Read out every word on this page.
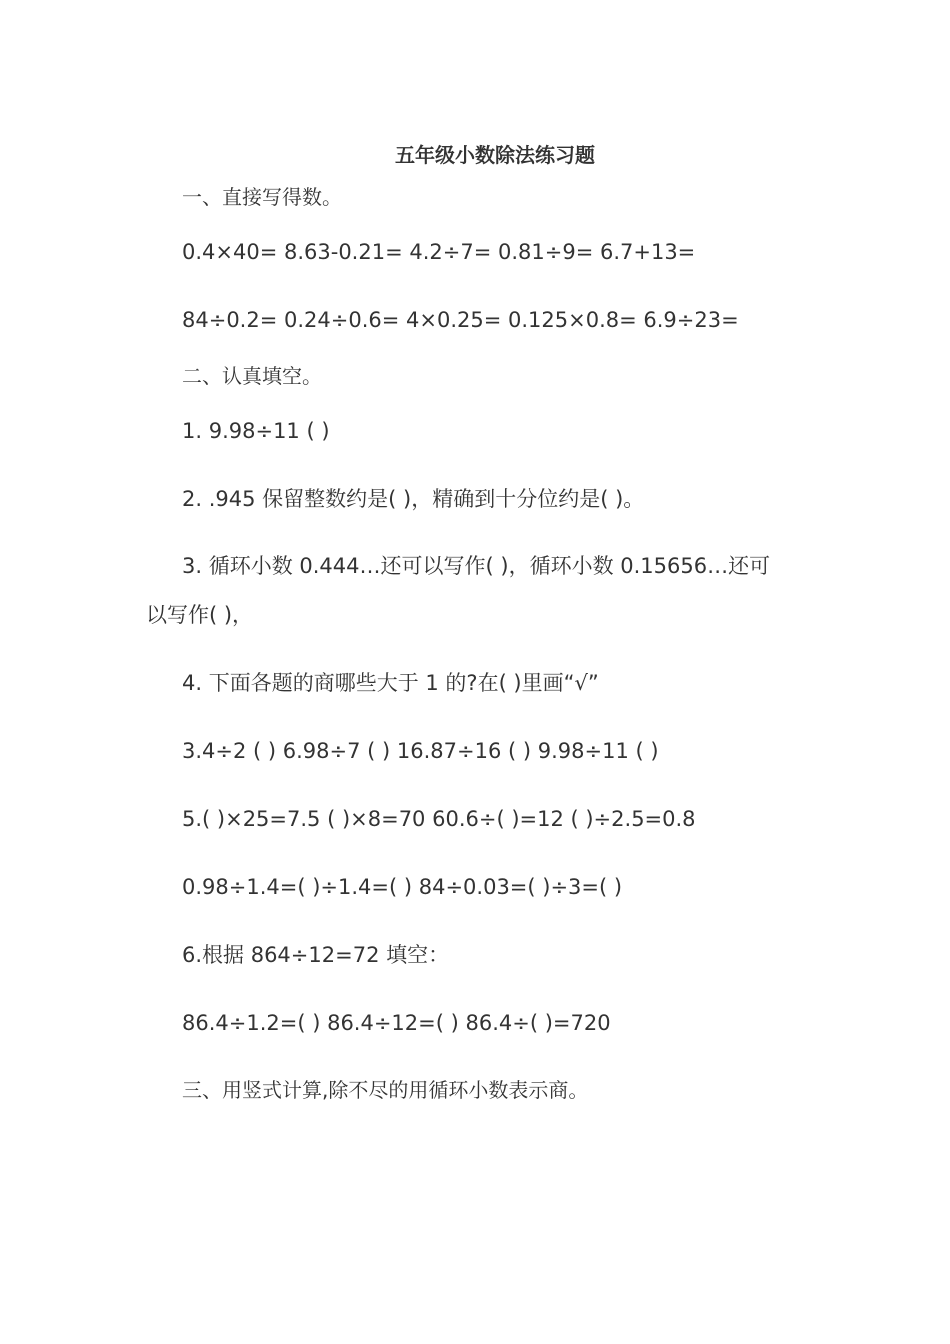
五年级小数除法练习题
一、直接写得数。
0.4×40= 8.63-0.21= 4.2÷7= 0.81÷9= 6.7+13=
84÷0.2= 0.24÷0.6= 4×0.25= 0.125×0.8= 6.9÷23=
二、认真填空。
1. 9.98÷11 ( )
2. .945 保留整数约是( )，精确到十分位约是( )。
3. 循环小数 0.444…还可以写作( )，循环小数 0.15656…还可
以写作( )，
4. 下面各题的商哪些大于 1 的?在( )里画“√”
3.4÷2 ( ) 6.98÷7 ( ) 16.87÷16 ( ) 9.98÷11 ( )
5.( )×25=7.5 ( )×8=70 60.6÷( )=12 ( )÷2.5=0.8
0.98÷1.4=( )÷1.4=( ) 84÷0.03=( )÷3=( )
6.根据 864÷12=72 填空：
86.4÷1.2=( ) 86.4÷12=( ) 86.4÷( )=720
三、用竖式计算,除不尽的用循环小数表示商。
